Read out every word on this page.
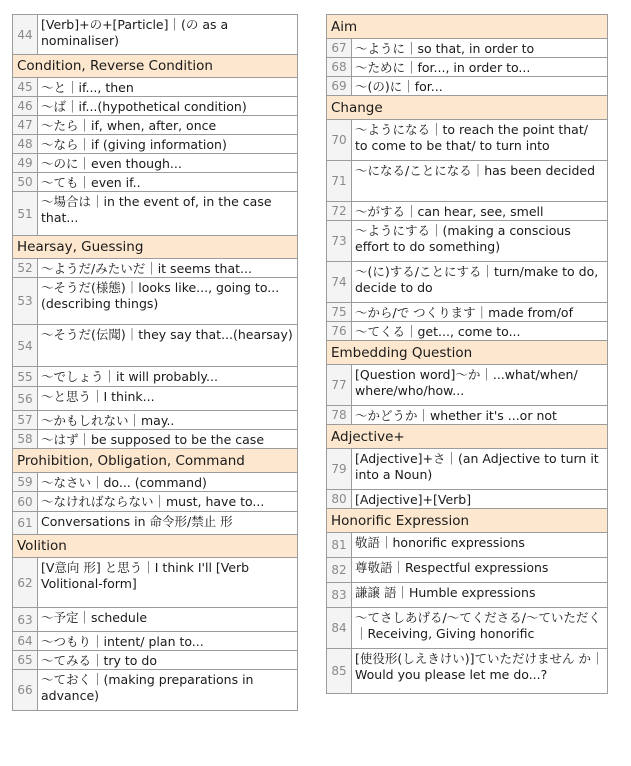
44
[Verb]+の+[Particle]｜(の as a nominaliser)
Condition, Reverse Condition
45 〜と｜if..., then
46 〜ば｜if...(hypothetical condition)
47 〜たら｜if, when, after, once
48 〜なら｜if (giving information)
49 〜のに｜even though...
50 〜ても｜even if..
51
〜場合は｜in the event of, in the case that...
Hearsay, Guessing
52 〜ようだ/みたいだ｜it seems that...
53
〜そうだ(様態)｜looks like..., going to...(describing things)
54
〜そうだ(伝聞)｜they say that...(hearsay)
55 〜でしょう｜it will probably...
56 〜と思う｜I think...
57 〜かもしれない｜may..
58 〜はず｜be supposed to be the case
Prohibition, Obligation, Command
59 〜なさい｜do... (command)
60 〜なければならない｜must, have to...
61 Conversations in 命令形/禁止 形
Volition
62
[V意向 形] と思う｜I think I'll [Verb Volitional-form]
63 〜予定｜schedule
64 〜つもり｜intent/ plan to...
65 〜てみる｜try to do
66
〜ておく｜(making preparations in advance)
Aim
67 〜ように｜so that, in order to
68 〜ために｜for..., in order to...
69 〜(の)に｜for...
Change
70
〜ようになる｜to reach the point that/ to come to be that/ to turn into
71
〜になる/ことになる｜has been decided
72 〜がする｜can hear, see, smell
73
〜ようにする｜(making a conscious effort to do something)
74
〜(に)する/ことにする｜turn/make to do, decide to do
75 〜から/で つくります｜made from/of
76 〜てくる｜get..., come to...
Embedding Question
77
[Question word]〜か｜...what/when/ where/who/how...
78 〜かどうか｜whether it's ...or not
Adjective+
79
[Adjective]+さ｜(an Adjective to turn it into a Noun)
80 [Adjective]+[Verb]
Honorific Expression
81 敬語｜honorific expressions
82 尊敬語｜Respectful expressions
83 謙譲 語｜Humble expressions
84
〜てさしあげる/〜てくださる/〜ていただく｜Receiving, Giving honorific
85
[使役形(しえきけい)]ていただけません か｜Would you please let me do...?
